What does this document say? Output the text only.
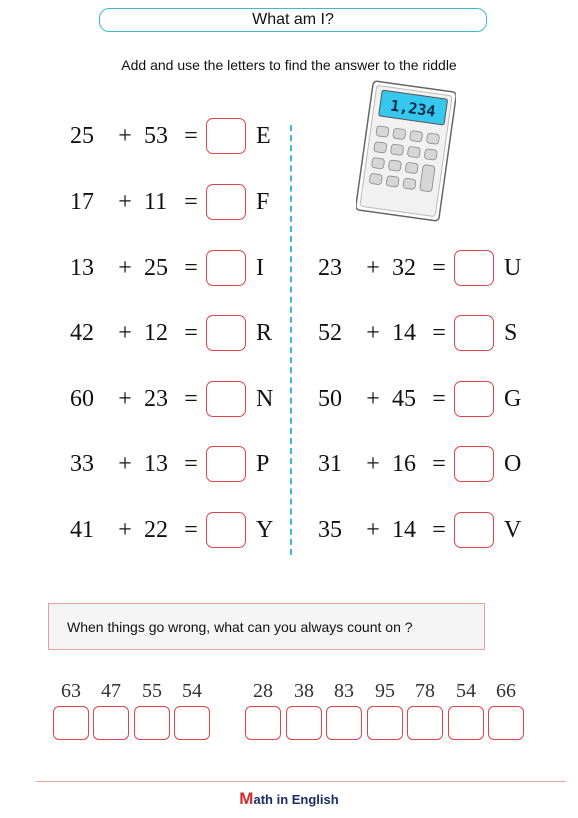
What am I?
Add and use the letters to find the answer to the riddle
25	+ 53 = E
17	+ 11 = F
13	+ 25 = I
42	+ 12 = R
60	+ 23 = N
33	+ 13 = P
41	+ 22 = Y
1,234
23	+ 32 = U
52	+ 14 = S
50	+ 45 = G
31	+ 16 = O
35	+ 14 = V
When things go wrong, what can you always count on ?
63	47	55	54	28	38	83	95	78	54	66
Math in English
